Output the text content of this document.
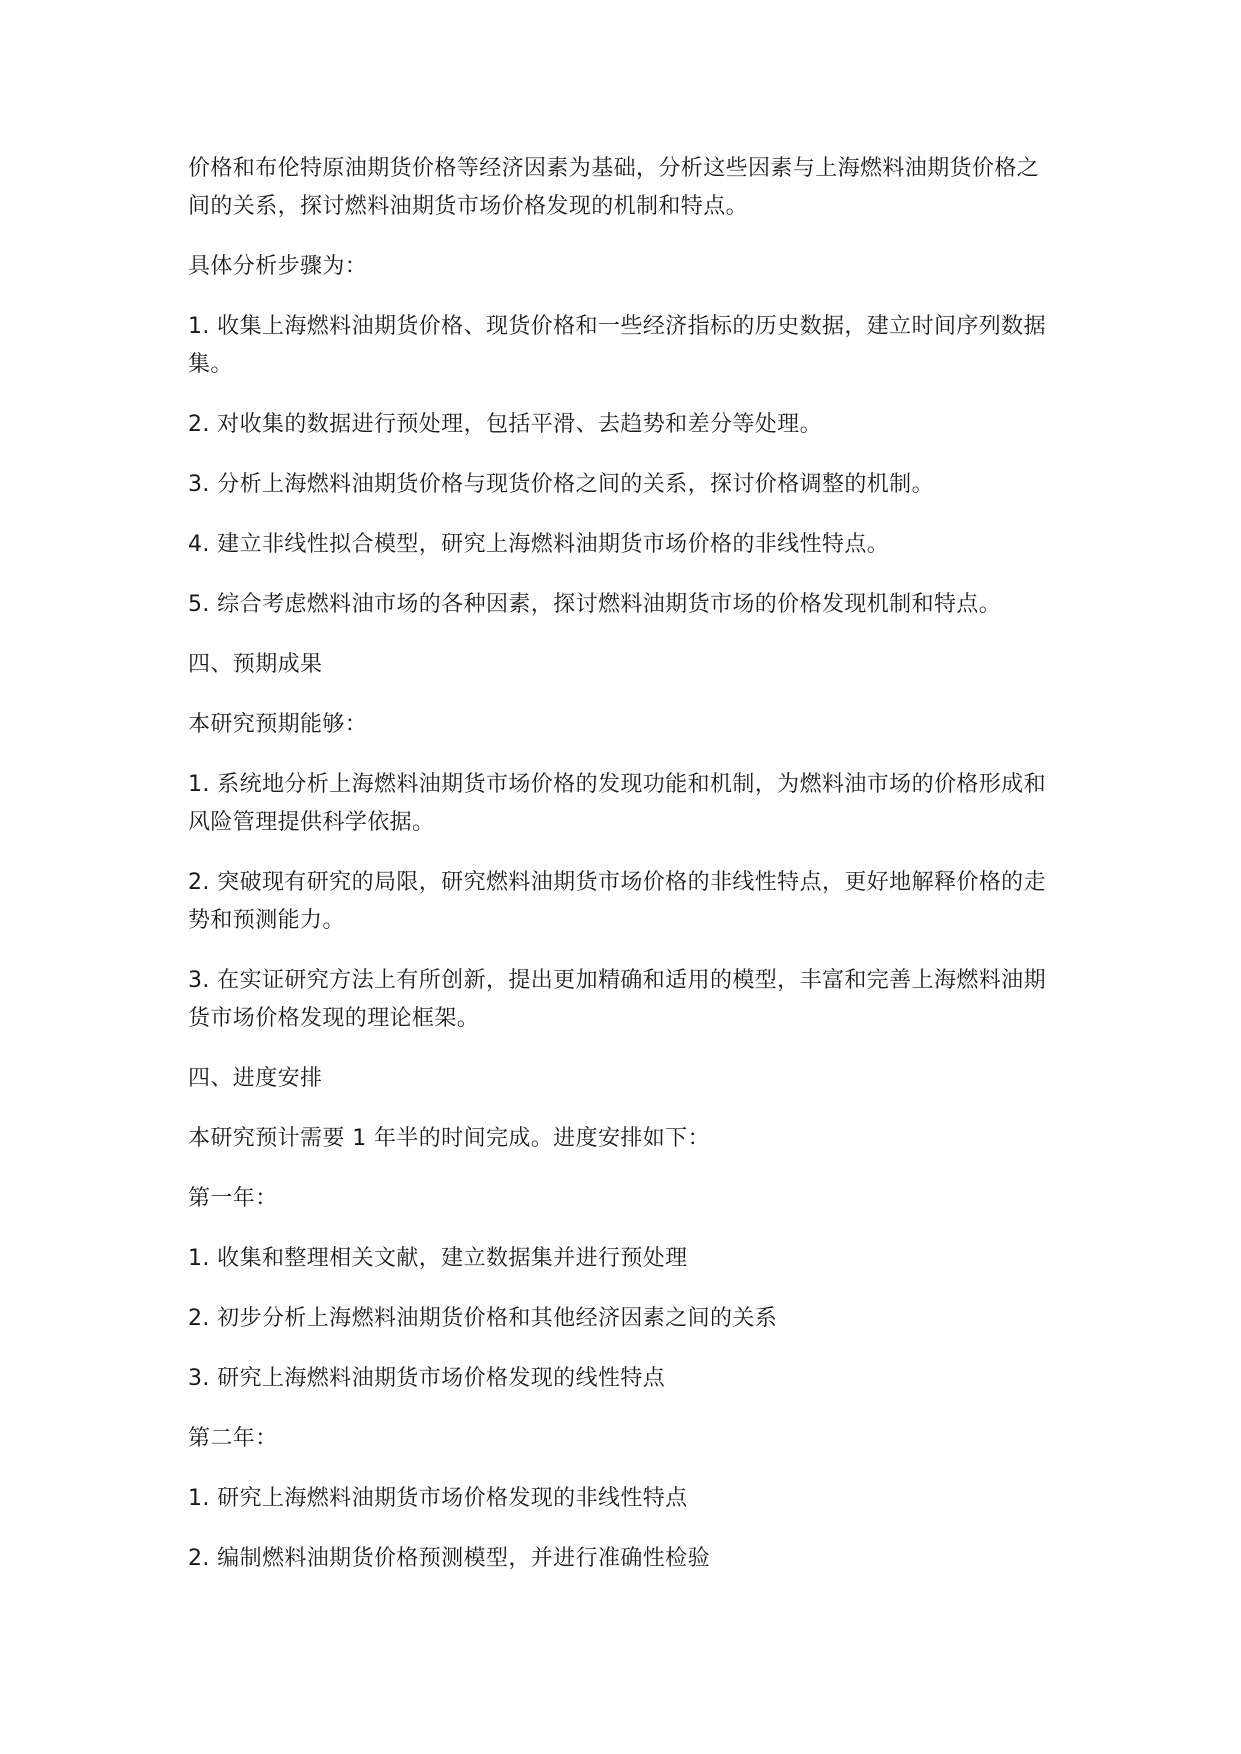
价格和布伦特原油期货价格等经济因素为基础，分析这些因素与上海燃料油期货价格之间的关系，探讨燃料油期货市场价格发现的机制和特点。

具体分析步骤为：

1. 收集上海燃料油期货价格、现货价格和一些经济指标的历史数据，建立时间序列数据集。

2. 对收集的数据进行预处理，包括平滑、去趋势和差分等处理。

3. 分析上海燃料油期货价格与现货价格之间的关系，探讨价格调整的机制。

4. 建立非线性拟合模型，研究上海燃料油期货市场价格的非线性特点。

5. 综合考虑燃料油市场的各种因素，探讨燃料油期货市场的价格发现机制和特点。

四、预期成果

本研究预期能够：

1. 系统地分析上海燃料油期货市场价格的发现功能和机制，为燃料油市场的价格形成和风险管理提供科学依据。

2. 突破现有研究的局限，研究燃料油期货市场价格的非线性特点，更好地解释价格的走势和预测能力。

3. 在实证研究方法上有所创新，提出更加精确和适用的模型，丰富和完善上海燃料油期货市场价格发现的理论框架。

四、进度安排

本研究预计需要 1 年半的时间完成。进度安排如下：

第一年：

1. 收集和整理相关文献，建立数据集并进行预处理

2. 初步分析上海燃料油期货价格和其他经济因素之间的关系

3. 研究上海燃料油期货市场价格发现的线性特点

第二年：

1. 研究上海燃料油期货市场价格发现的非线性特点

2. 编制燃料油期货价格预测模型，并进行准确性检验
